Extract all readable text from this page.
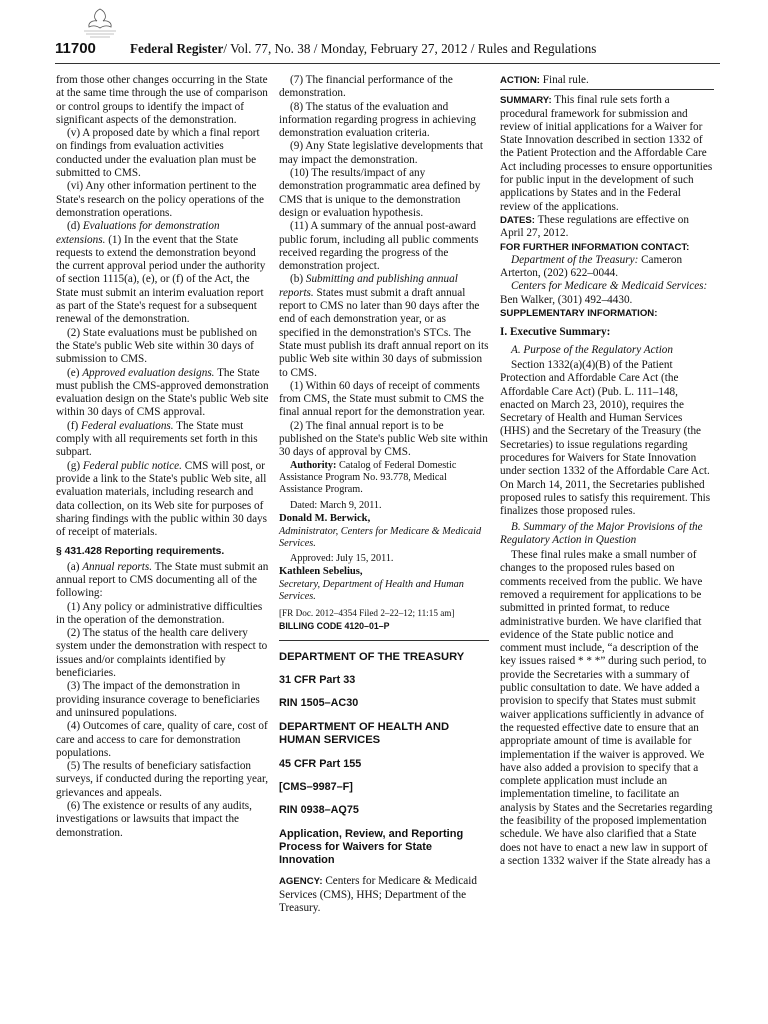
11700	Federal Register/ Vol. 77, No. 38 / Monday, February 27, 2012 / Rules and Regulations

from those other changes occurring in the State at the same time through the use of comparison or control groups to identify the impact of significant aspects of the demonstration.

(v) A proposed date by which a final report on findings from evaluation activities conducted under the evaluation plan must be submitted to CMS.

(vi) Any other information pertinent to the State's research on the policy operations of the demonstration operations.

(d) Evaluations for demonstration extensions. (1) In the event that the State requests to extend the demonstration beyond the current approval period under the authority of section 1115(a), (e), or (f) of the Act, the State must submit an interim evaluation report as part of the State's request for a subsequent renewal of the demonstration.

(2) State evaluations must be published on the State's public Web site within 30 days of submission to CMS.

(e) Approved evaluation designs. The State must publish the CMS-approved demonstration evaluation design on the State's public Web site within 30 days of CMS approval.

(f) Federal evaluations. The State must comply with all requirements set forth in this subpart.

(g) Federal public notice. CMS will post, or provide a link to the State's public Web site, all evaluation materials, including research and data collection, on its Web site for purposes of sharing findings with the public within 30 days of receipt of materials.

§ 431.428 Reporting requirements.

(a) Annual reports. The State must submit an annual report to CMS documenting all of the following:

(1) Any policy or administrative difficulties in the operation of the demonstration.

(2) The status of the health care delivery system under the demonstration with respect to issues and/or complaints identified by beneficiaries.

(3) The impact of the demonstration in providing insurance coverage to beneficiaries and uninsured populations.

(4) Outcomes of care, quality of care, cost of care and access to care for demonstration populations.

(5) The results of beneficiary satisfaction surveys, if conducted during the reporting year, grievances and appeals.

(6) The existence or results of any audits, investigations or lawsuits that impact the demonstration.

(7) The financial performance of the demonstration.

(8) The status of the evaluation and information regarding progress in achieving demonstration evaluation criteria.

(9) Any State legislative developments that may impact the demonstration.

(10) The results/impact of any demonstration programmatic area defined by CMS that is unique to the demonstration design or evaluation hypothesis.

(11) A summary of the annual post-award public forum, including all public comments received regarding the progress of the demonstration project.

(b) Submitting and publishing annual reports. States must submit a draft annual report to CMS no later than 90 days after the end of each demonstration year, or as specified in the demonstration's STCs. The State must publish its draft annual report on its public Web site within 30 days of submission to CMS.

(1) Within 60 days of receipt of comments from CMS, the State must submit to CMS the final annual report for the demonstration year.

(2) The final annual report is to be published on the State's public Web site within 30 days of approval by CMS.

Authority: Catalog of Federal Domestic Assistance Program No. 93.778, Medical Assistance Program.

Dated: March 9, 2011.

Donald M. Berwick,

Administrator, Centers for Medicare & Medicaid Services.

Approved: July 15, 2011.

Kathleen Sebelius,

Secretary, Department of Health and Human Services.

[FR Doc. 2012–4354 Filed 2–22–12; 11:15 am]

BILLING CODE 4120–01–P

DEPARTMENT OF THE TREASURY

31 CFR Part 33

RIN 1505–AC30

DEPARTMENT OF HEALTH AND HUMAN SERVICES

45 CFR Part 155

[CMS–9987–F]

RIN 0938–AQ75

Application, Review, and Reporting Process for Waivers for State Innovation

AGENCY: Centers for Medicare & Medicaid Services (CMS), HHS; Department of the Treasury.

ACTION: Final rule.

SUMMARY: This final rule sets forth a procedural framework for submission and review of initial applications for a Waiver for State Innovation described in section 1332 of the Patient Protection and the Affordable Care Act including processes to ensure opportunities for public input in the development of such applications by States and in the Federal review of the applications.

DATES: These regulations are effective on April 27, 2012.

FOR FURTHER INFORMATION CONTACT:

Department of the Treasury: Cameron Arterton, (202) 622–0044.

Centers for Medicare & Medicaid Services: Ben Walker, (301) 492–4430.

SUPPLEMENTARY INFORMATION:

I. Executive Summary:

A. Purpose of the Regulatory Action

Section 1332(a)(4)(B) of the Patient Protection and Affordable Care Act (the Affordable Care Act) (Pub. L. 111–148, enacted on March 23, 2010), requires the Secretary of Health and Human Services (HHS) and the Secretary of the Treasury (the Secretaries) to issue regulations regarding procedures for Waivers for State Innovation under section 1332 of the Affordable Care Act. On March 14, 2011, the Secretaries published proposed rules to satisfy this requirement. This finalizes those proposed rules.

B. Summary of the Major Provisions of the Regulatory Action in Question

These final rules make a small number of changes to the proposed rules based on comments received from the public. We have removed a requirement for applications to be submitted in printed format, to reduce administrative burden. We have clarified that evidence of the State public notice and comment must include, “a description of the key issues raised * * *” during such period, to provide the Secretaries with a summary of public consultation to date. We have added a provision to specify that States must submit waiver applications sufficiently in advance of the requested effective date to ensure that an appropriate amount of time is available for implementation if the waiver is approved. We have also added a provision to specify that a complete application must include an implementation timeline, to facilitate an analysis by States and the Secretaries regarding the feasibility of the proposed implementation schedule. We have also clarified that a State does not have to enact a new law in support of a section 1332 waiver if the State already has a
